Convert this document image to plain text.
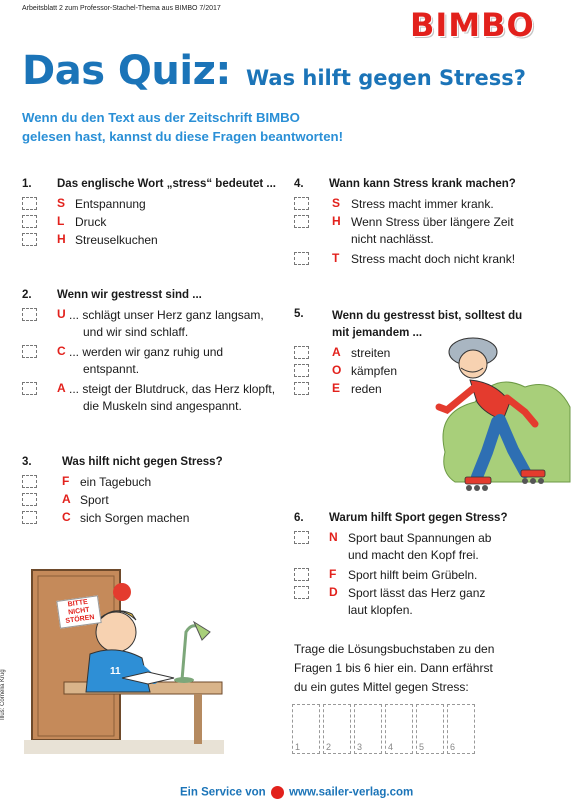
Arbeitsblatt 2 zum Professor-Stachel-Thema aus BIMBO 7/2017	BIMBO
Das Quiz: Was hilft gegen Stress?
Wenn du den Text aus der Zeitschrift BIMBO
gelesen hast, kannst du diese Fragen beantworten!
1. Das englische Wort „stress“ bedeutet ...
S Entspannung
L Druck
H Streuselkuchen
2. Wenn wir gestresst sind ...
U ... schlägt unser Herz ganz langsam,
und wir sind schlaff.
C ... werden wir ganz ruhig und
entspannt.
A ... steigt der Blutdruck, das Herz klopft,
die Muskeln sind angespannt.
3.	Was hilft nicht gegen Stress?
F ein Tagebuch
A Sport
C sich Sorgen machen
4. Wann kann Stress krank machen?
S Stress macht immer krank.
H Wenn Stress über längere Zeit
nicht nachlässt.
T Stress macht doch nicht krank!
5. Wenn du gestresst bist, solltest du
mit jemandem ...
A streiten
O kämpfen
E reden
6. Warum hilft Sport gegen Stress?
N Sport baut Spannungen ab
und macht den Kopf frei.
F Sport hilft beim Grübeln.
D Sport lässt das Herz ganz
laut klopfen.
Trage die Lösungsbuchstaben zu den
Fragen 1 bis 6 hier ein. Dann erfährst
du ein gutes Mittel gegen Stress:
1	2	3	4	5	6
BITTE
NICHT
STÖREN
11
Illus: Cornelia Krug
Ein Service von www.sailer-verlag.com
